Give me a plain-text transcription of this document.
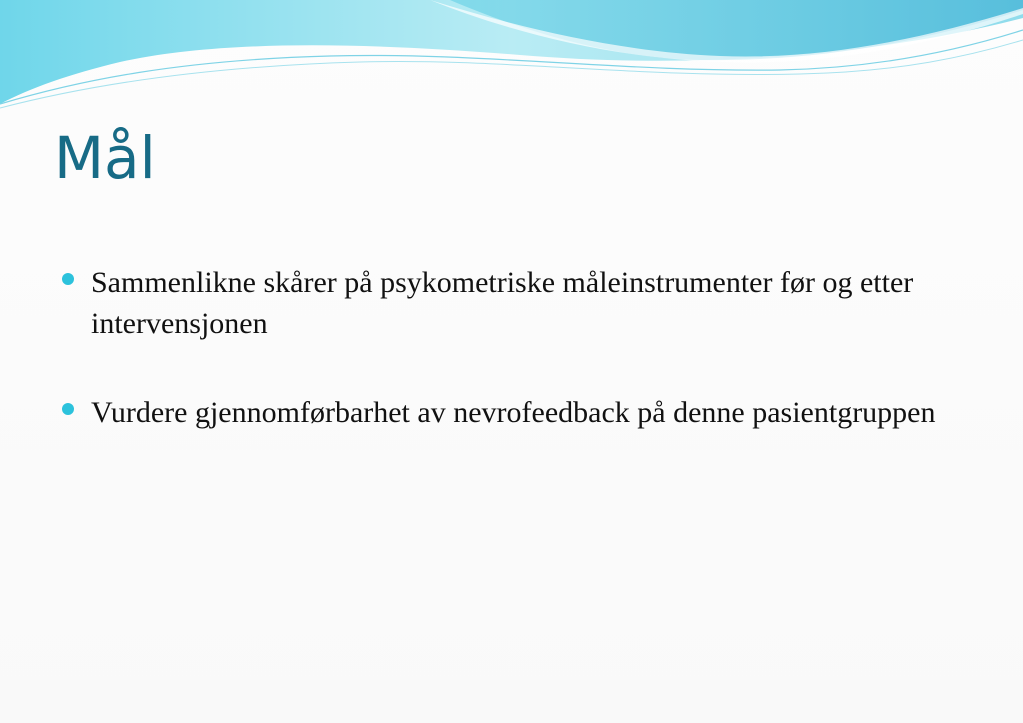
Mål
Sammenlikne skårer på psykometriske måleinstrumenter før og etter intervensjonen
Vurdere gjennomførbarhet av nevrofeedback på denne pasientgruppen
